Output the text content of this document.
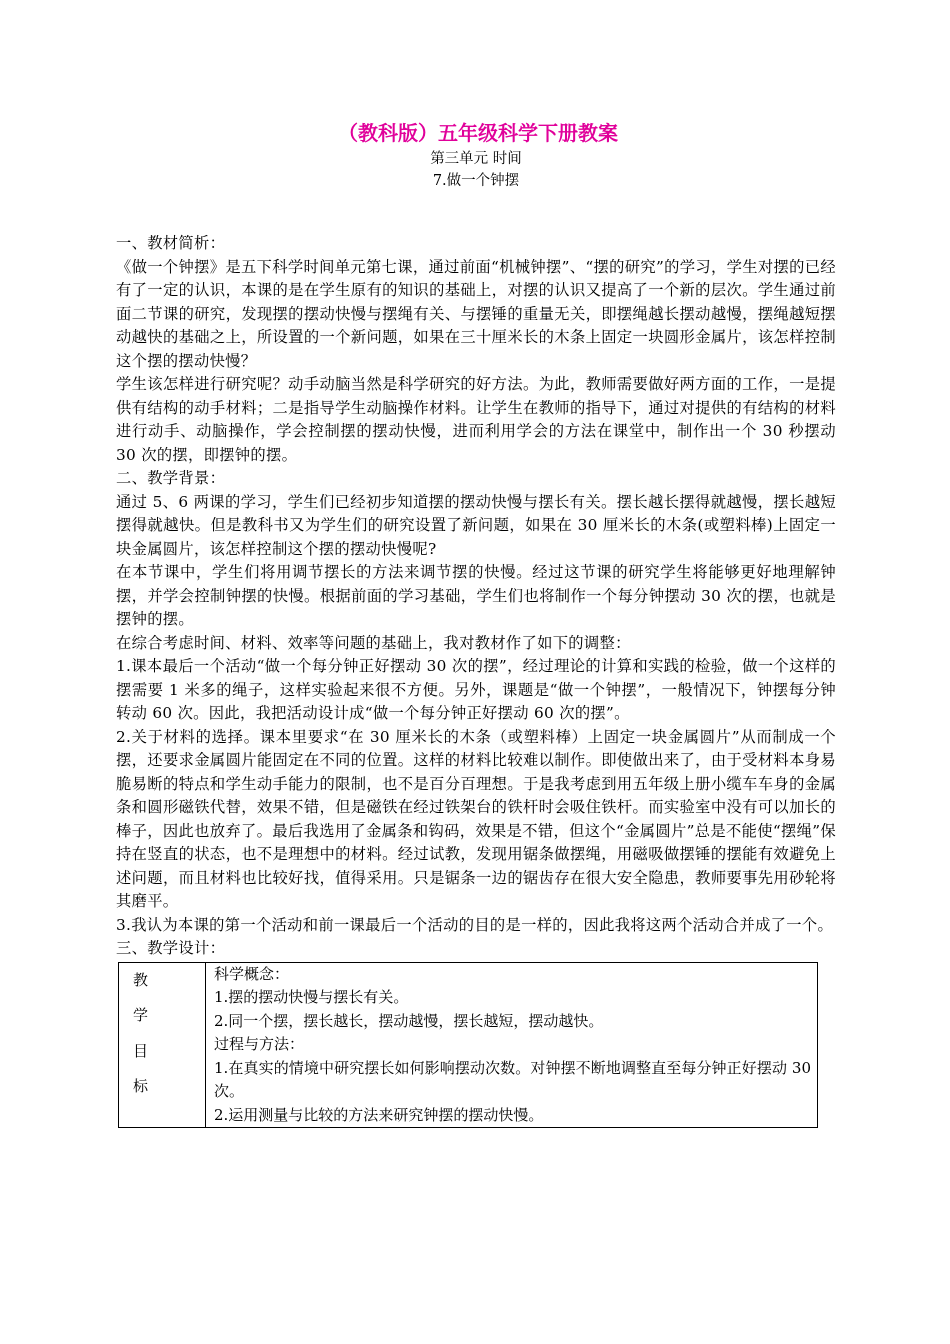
（教科版）五年级科学下册教案
第三单元 时间
7.做一个钟摆
一、教材简析：

《做一个钟摆》是五下科学时间单元第七课，通过前面“机械钟摆”、“摆的研究”的学习，学生对摆的已经有了一定的认识，本课的是在学生原有的知识的基础上，对摆的认识又提高了一个新的层次。学生通过前面二节课的研究，发现摆的摆动快慢与摆绳有关、与摆锤的重量无关，即摆绳越长摆动越慢，摆绳越短摆动越快的基础之上，所设置的一个新问题，如果在三十厘米长的木条上固定一块圆形金属片，该怎样控制这个摆的摆动快慢？

学生该怎样进行研究呢？动手动脑当然是科学研究的好方法。为此，教师需要做好两方面的工作，一是提供有结构的动手材料；二是指导学生动脑操作材料。让学生在教师的指导下，通过对提供的有结构的材料进行动手、动脑操作，学会控制摆的摆动快慢，进而利用学会的方法在课堂中，制作出一个 30 秒摆动 30 次的摆，即摆钟的摆。

二、教学背景：

通过 5、6 两课的学习，学生们已经初步知道摆的摆动快慢与摆长有关。摆长越长摆得就越慢，摆长越短摆得就越快。但是教科书又为学生们的研究设置了新问题，如果在 30 厘米长的木条(或塑料棒)上固定一块金属圆片，该怎样控制这个摆的摆动快慢呢?

在本节课中，学生们将用调节摆长的方法来调节摆的快慢。经过这节课的研究学生将能够更好地理解钟摆，并学会控制钟摆的快慢。根据前面的学习基础，学生们也将制作一个每分钟摆动 30 次的摆，也就是摆钟的摆。

在综合考虑时间、材料、效率等问题的基础上，我对教材作了如下的调整：

1.课本最后一个活动“做一个每分钟正好摆动 30 次的摆”，经过理论的计算和实践的检验，做一个这样的摆需要 1 米多的绳子，这样实验起来很不方便。另外，课题是“做一个钟摆”，一般情况下，钟摆每分钟转动 60 次。因此，我把活动设计成“做一个每分钟正好摆动 60 次的摆”。

2.关于材料的选择。课本里要求“在 30 厘米长的木条（或塑料棒）上固定一块金属圆片”从而制成一个摆，还要求金属圆片能固定在不同的位置。这样的材料比较难以制作。即使做出来了，由于受材料本身易脆易断的特点和学生动手能力的限制，也不是百分百理想。于是我考虑到用五年级上册小缆车车身的金属条和圆形磁铁代替，效果不错，但是磁铁在经过铁架台的铁杆时会吸住铁杆。而实验室中没有可以加长的棒子，因此也放弃了。最后我选用了金属条和钩码，效果是不错，但这个“金属圆片”总是不能使“摆绳”保持在竖直的状态，也不是理想中的材料。经过试教，发现用锯条做摆绳，用磁吸做摆锤的摆能有效避免上述问题，而且材料也比较好找，值得采用。只是锯条一边的锯齿存在很大安全隐患，教师要事先用砂轮将其磨平。

3.我认为本课的第一个活动和前一课最后一个活动的目的是一样的，因此我将这两个活动合并成了一个。

三、教学设计：
教
学
目
标

科学概念：
1.摆的摆动快慢与摆长有关。
2.同一个摆，摆长越长，摆动越慢，摆长越短，摆动越快。
过程与方法：
1.在真实的情境中研究摆长如何影响摆动次数。对钟摆不断地调整直至每分钟正好摆动 30 次。
2.运用测量与比较的方法来研究钟摆的摆动快慢。
